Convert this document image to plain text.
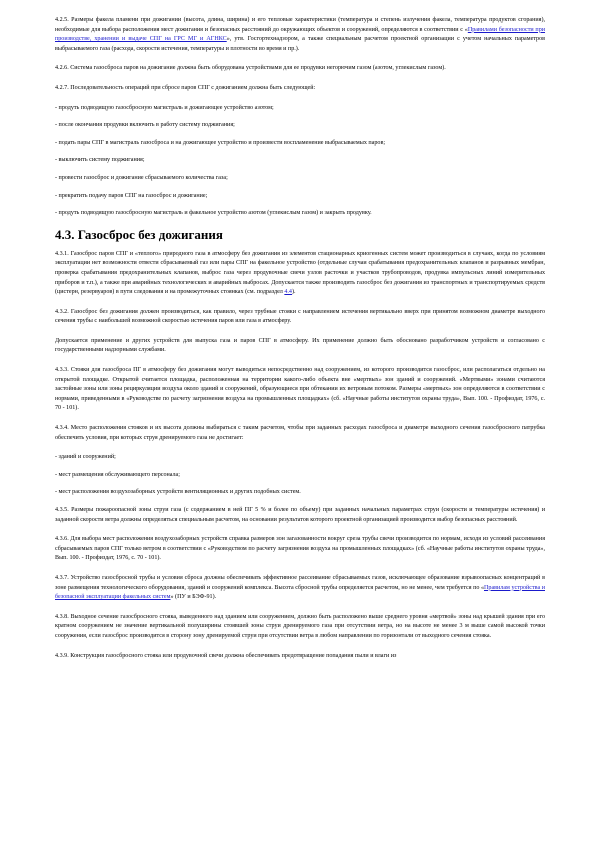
4.2.5. Размеры факела пламени при дожигании (высота, длина, ширина) и его тепловые характеристики (температура и степень излучения факела, температура продуктов сгорания), необходимые для выбора расположения мест дожигания и безопасных расстояний до окружающих объектов и сооружений, определяются в соответствии с «Правилами безопасности при производстве, хранении и выдаче СПГ на ГРС МГ и АГНКС», утв. Госгортехнадзором, а также специальным расчетом проектной организации с учетом начальных параметров выбрасываемого газа (расхода, скорости истечения, температуры и плотности во время и пр.).

4.2.6. Система газосброса паров на дожигание должна быть оборудована устройствами для ее продувки негорючим газом (азотом, углекислым газом).

4.2.7. Последовательность операций при сбросе паров СПГ с дожиганием должна быть следующей:

- продуть подводящую газосбросную магистраль и дожигающее устройство азотом;

- после окончания продувки включить в работу систему поджигания;

- подать пары СПГ в магистраль газосброса и на дожигающее устройство и произвести воспламенение выбрасываемых паров;

- выключить систему поджигания;

- провести газосброс и дожигание сбрасываемого количества газа;

- прекратить подачу паров СПГ на газосброс и дожигание;

- продуть подводящую газосбросную магистраль и факельное устройство азотом (углекислым газом) и закрыть продувку.

4.3. Газосброс без дожигания

4.3.1. Газосброс паров СПГ и «теплого» природного газа в атмосферу без дожигания из элементов стационарных криогенных систем может производиться в случаях, когда по условиям эксплуатации нет возможности отвести сбрасываемый газ или пары СПГ на факельное устройство (отдельные случаи срабатывания предохранительных клапанов и разрывных мембран, проверка срабатывания предохранительных клапанов, выброс газа через продувочные свечи узлов расточки и участков трубопроводов, продувка импульсных линий измерительных приборов и т.п.), а также при аварийных технологических и аварийных выбросах. Допускается также производить газосброс без дожигания из транспортных и транспортируемых средств (цистерн, резервуаров) в пути следования и на промежуточных стоянках (см. подраздел 4.4).

4.3.2. Газосброс без дожигания должен производиться, как правило, через трубные стояки с направлением истечения вертикально вверх при принятом возможном диаметре выходного сечения трубы с наибольшей возможной скоростью истечения паров или газа в атмосферу.

Допускается применение и других устройств для выпуска газа и паров СПГ в атмосферу. Их применение должно быть обосновано разработчиком устройств и согласовано с государственными надзорными службами.

4.3.3. Стояки для газосброса ПГ в атмосферу без дожигания могут выводиться непосредственно над сооружением, из которого производится газосброс, или располагаться отдельно на открытой площадке. Открытой считается площадка, расположенная на территории какого-либо объекта вне «мертвых» зон зданий и сооружений. «Мертвыми» зонами считаются застойные зоны или зоны рециркуляции воздуха около зданий и сооружений, образующиеся при обтекании их ветровым потоком. Размеры «мертвых» зон определяются в соответствии с нормами, приведенными в «Руководстве по расчету загрязнения воздуха на промышленных площадках» (сб. «Научные работы институтов охраны труда», Вып. 100. - Профиздат, 1976, с. 70 - 101).

4.3.4. Место расположения стояков и их высота должны выбираться с таким расчетом, чтобы при заданных расходах газосброса и диаметре выходного сечения газосбросного патрубка обеспечить условия, при которых струя дренируемого газа не достигает:

- зданий и сооружений;

- мест размещения обслуживающего персонала;

- мест расположения воздухозаборных устройств вентиляционных и других подобных систем.

4.3.5. Размеры пожароопасной зоны струи газа (с содержанием в ней ПГ 5 % и более по объему) при заданных начальных параметрах струи (скорости и температуры истечения) и заданной скорости ветра должны определяться специальным расчетом, на основании результатов которого проектной организацией производится выбор безопасных расстояний.

4.3.6. Для выбора мест расположения воздухозаборных устройств справка размеров зон загазованности вокруг среза трубы свечи производится по нормам, исходя из условий рассеивания сбрасываемых паров СПГ только ветром в соответствии с «Руководством по расчету загрязнения воздуха на промышленных площадках» (сб. «Научные работы институтов охраны труда», Вып. 100. - Профиздат, 1976, с. 70 - 101).

4.3.7. Устройство газосбросной трубы и условия сброса должны обеспечивать эффективное рассеивание сбрасываемых газов, исключающее образование взрывоопасных концентраций в зоне размещения технологического оборудования, зданий и сооружений комплекса. Высота сбросной трубы определяется расчетом, но не менее, чем требуется по «Правилам устройства и безопасной эксплуатации факельных систем» (ПУ и БЭФ-91).

4.3.8. Выходное сечение газосбросного стояка, выведенного над зданием или сооружением, должно быть расположено выше среднего уровня «мертвой» зоны над крышей здания при его кратном сооружением не значение вертикальной полуширины стоявшей зоны струи дренируемого газа при отсутствии ветра, но на высоте не менее 3 м выше самой высокой точки сооружения, если газосброс производится в сторону зону дренируемой струи при отсутствии ветра в любом направлении по горизонтали от выходного сечения стояка.

4.3.9. Конструкция газосбросного стояка или продувочной свечи должна обеспечивать предотвращение попадания пыли и влаги из
